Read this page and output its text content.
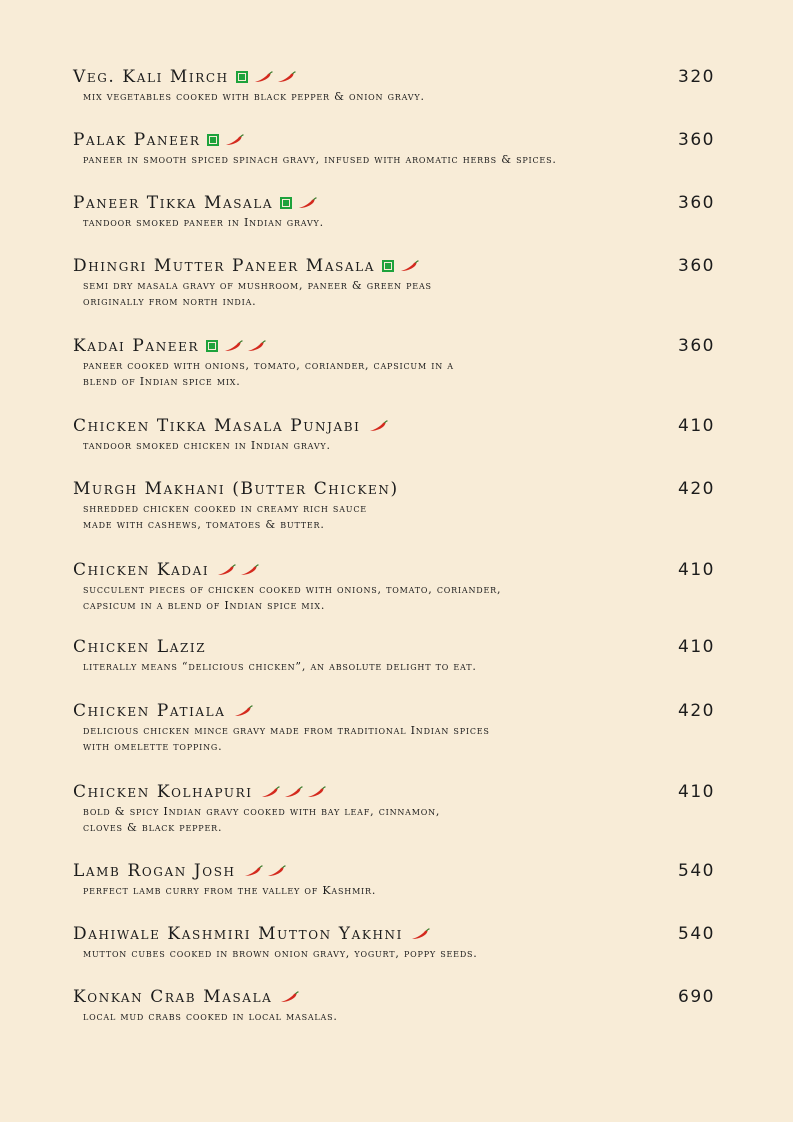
Veg. Kali Mirch	320
mix vegetables cooked with black pepper & onion gravy.
Palak Paneer	360
paneer in smooth spiced spinach gravy, infused with aromatic herbs & spices.
Paneer Tikka Masala	360
tandoor smoked paneer in Indian gravy.
Dhingri Mutter Paneer Masala	360
semi dry masala gravy of mushroom, paneer & green peas
originally from north india.
Kadai Paneer	360
paneer cooked with onions, tomato, coriander, capsicum in a
blend of Indian spice mix.
Chicken Tikka Masala Punjabi	410
tandoor smoked chicken in Indian gravy.
Murgh Makhani (Butter Chicken)	420
shredded chicken cooked in creamy rich sauce
made with cashews, tomatoes & butter.
Chicken Kadai	410
succulent pieces of chicken cooked with onions, tomato, coriander,
capsicum in a blend of Indian spice mix.
Chicken Laziz	410
literally means “delicious chicken”, an absolute delight to eat.
Chicken Patiala	420
delicious chicken mince gravy made from traditional Indian spices
with omelette topping.
Chicken Kolhapuri	410
bold & spicy Indian gravy cooked with bay leaf, cinnamon,
cloves & black pepper.
Lamb Rogan Josh	540
perfect lamb curry from the valley of Kashmir.
Dahiwale Kashmiri Mutton Yakhni	540
mutton cubes cooked in brown onion gravy, yogurt, poppy seeds.
Konkan Crab Masala	690
local mud crabs cooked in local masalas.
